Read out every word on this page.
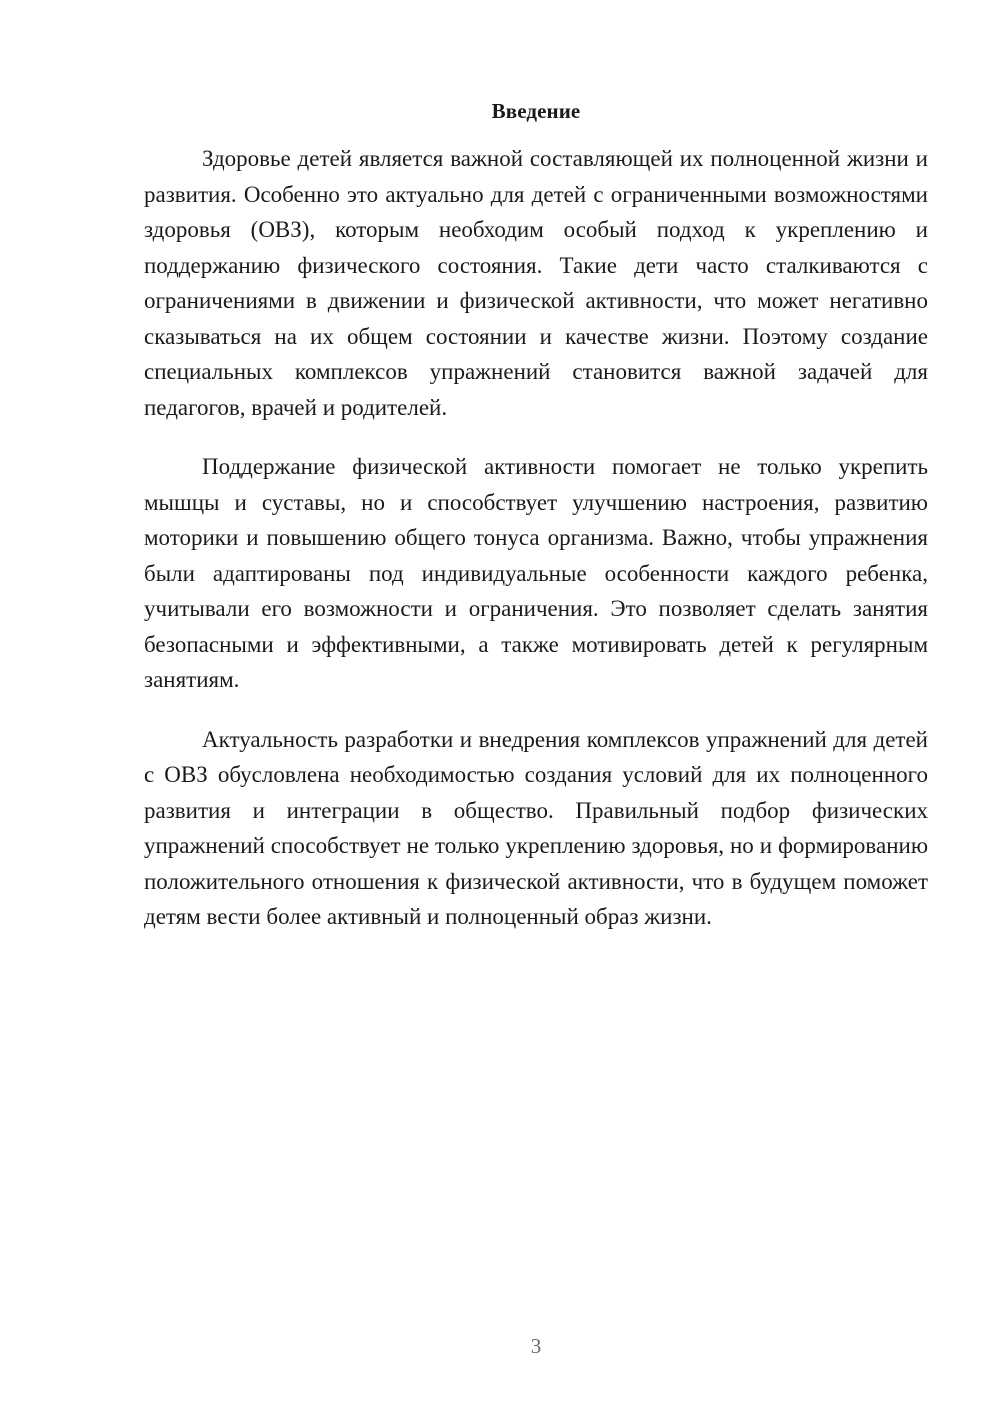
Введение

Здоровье детей является важной составляющей их полноценной жизни и развития. Особенно это актуально для детей с ограниченными возможностями здоровья (ОВЗ), которым необходим особый подход к укреплению и поддержанию физического состояния. Такие дети часто сталкиваются с ограничениями в движении и физической активности, что может негативно сказываться на их общем состоянии и качестве жизни. Поэтому создание специальных комплексов упражнений становится важной задачей для педагогов, врачей и родителей.

Поддержание физической активности помогает не только укрепить мышцы и суставы, но и способствует улучшению настроения, развитию моторики и повышению общего тонуса организма. Важно, чтобы упражнения были адаптированы под индивидуальные особенности каждого ребенка, учитывали его возможности и ограничения. Это позволяет сделать занятия безопасными и эффективными, а также мотивировать детей к регулярным занятиям.

Актуальность разработки и внедрения комплексов упражнений для детей с ОВЗ обусловлена необходимостью создания условий для их полноценного развития и интеграции в общество. Правильный подбор физических упражнений способствует не только укреплению здоровья, но и формированию положительного отношения к физической активности, что в будущем поможет детям вести более активный и полноценный образ жизни.

3
